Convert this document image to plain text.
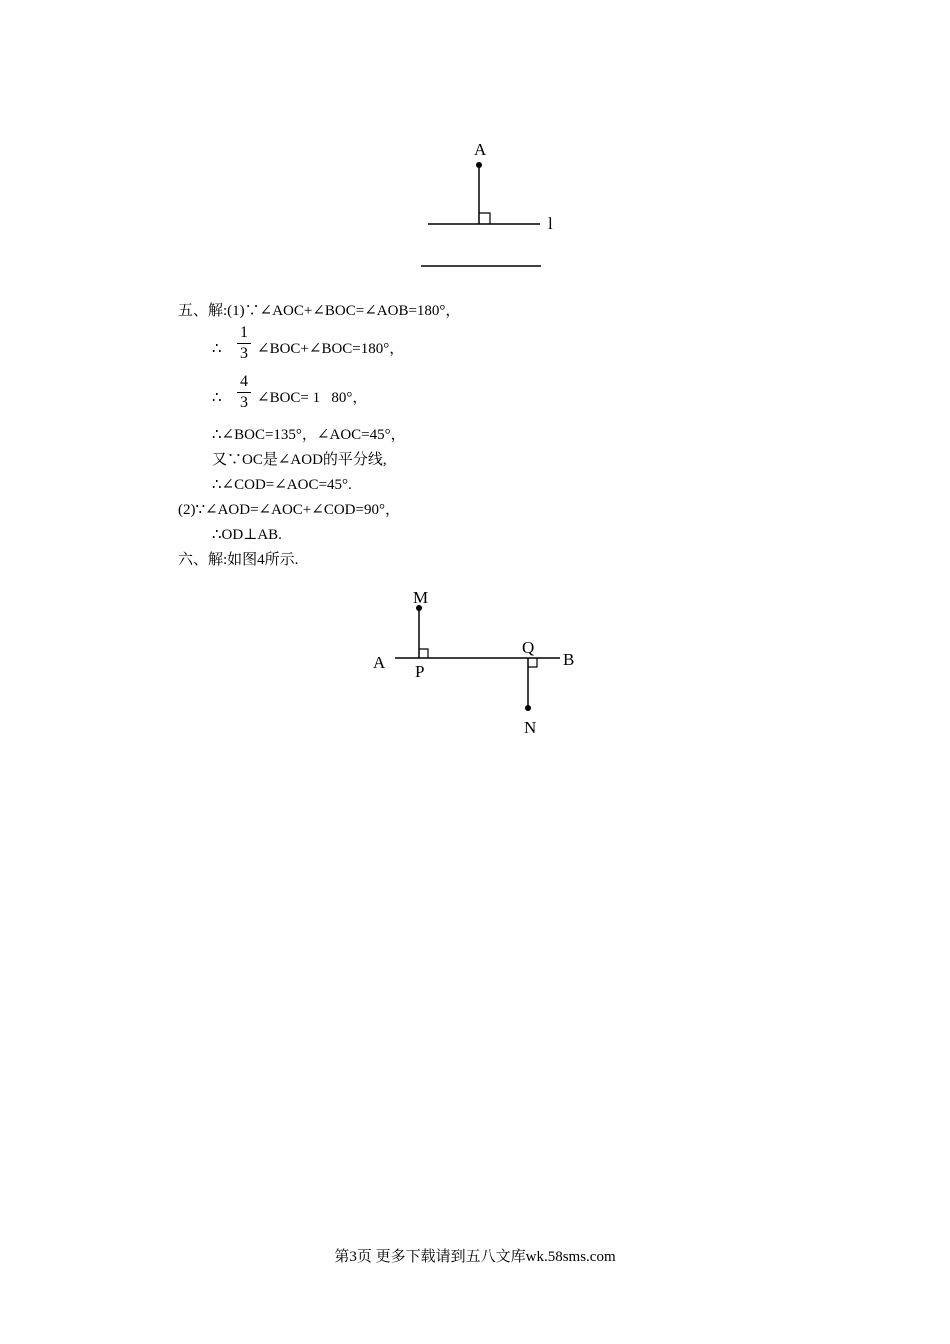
A
l
五、解:(1)∵∠AOC+∠BOC=∠AOB=180°，
∴
1
3 ∠BOC+∠BOC=180°，
∴
4
3 ∠BOC= 1   80°，
∴∠BOC=135°，∠AOC=45°，
又∵OC是∠AOD的平分线,
∴∠COD=∠AOC=45°.
(2)∵∠AOD=∠AOC+∠COD=90°，
∴OD⊥AB.
六、解:如图4所示.
M
A P
Q
B
N
第3页 更多下载请到五八文库wk.58sms.com
